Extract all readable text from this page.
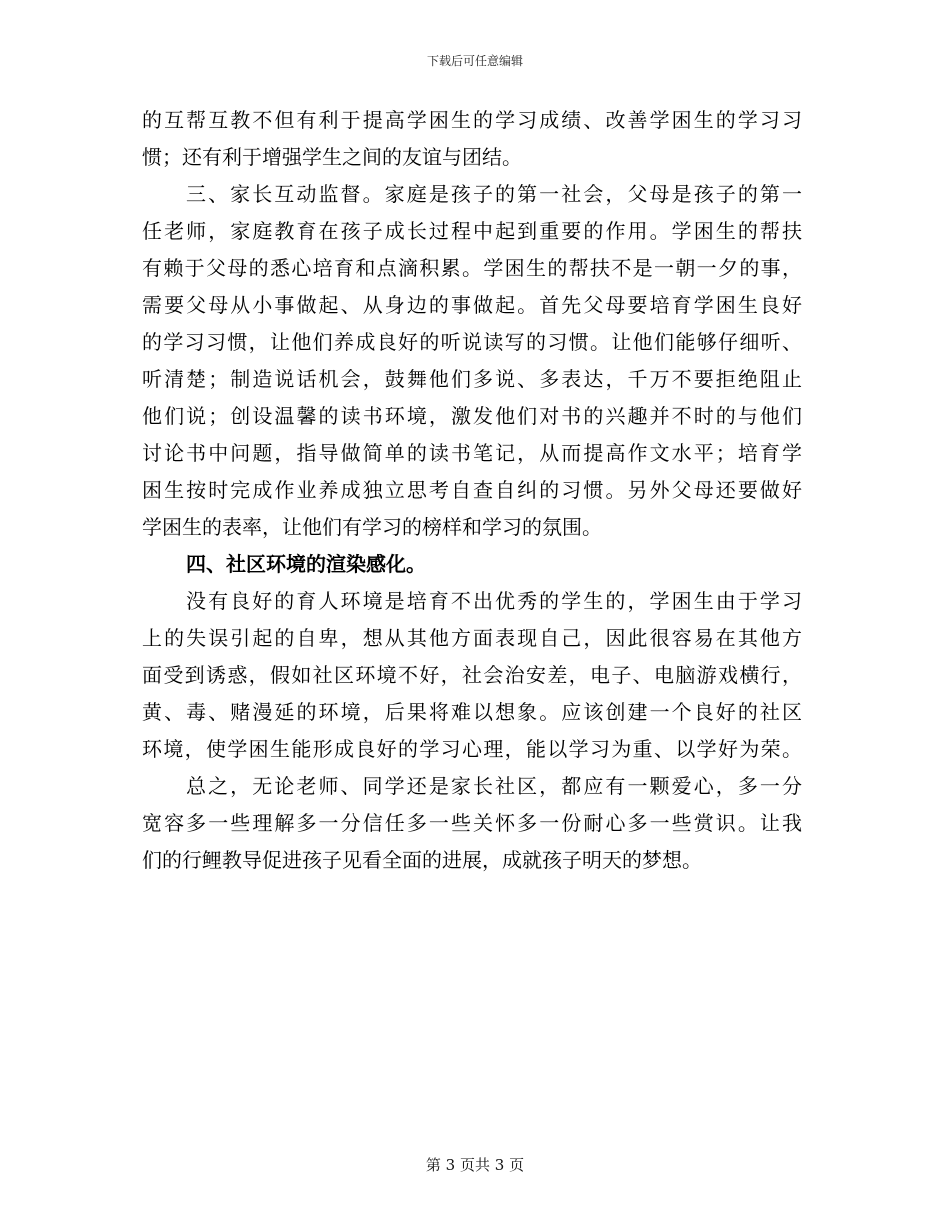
下载后可任意编辑
的互帮互教不但有利于提高学困生的学习成绩、改善学困生的学习习
惯；还有利于增强学生之间的友谊与团结。
三、家长互动监督。家庭是孩子的第一社会，父母是孩子的第一
任老师，家庭教育在孩子成长过程中起到重要的作用。学困生的帮扶
有赖于父母的悉心培育和点滴积累。学困生的帮扶不是一朝一夕的事，
需要父母从小事做起、从身边的事做起。首先父母要培育学困生良好
的学习习惯，让他们养成良好的听说读写的习惯。让他们能够仔细听、
听清楚；制造说话机会，鼓舞他们多说、多表达，千万不要拒绝阻止
他们说；创设温馨的读书环境，激发他们对书的兴趣并不时的与他们
讨论书中问题，指导做简单的读书笔记，从而提高作文水平；培育学
困生按时完成作业养成独立思考自查自纠的习惯。另外父母还要做好
学困生的表率，让他们有学习的榜样和学习的氛围。
四、社区环境的渲染感化。
没有良好的育人环境是培育不出优秀的学生的，学困生由于学习
上的失误引起的自卑，想从其他方面表现自己，因此很容易在其他方
面受到诱惑，假如社区环境不好，社会治安差，电子、电脑游戏横行，
黄、毒、赌漫延的环境，后果将难以想象。应该创建一个良好的社区
环境，使学困生能形成良好的学习心理，能以学习为重、以学好为荣。
总之，无论老师、同学还是家长社区，都应有一颗爱心，多一分
宽容多一些理解多一分信任多一些关怀多一份耐心多一些赏识。让我
们的行鲤教导促进孩子见看全面的进展，成就孩子明天的梦想。
第 3 页共 3 页
